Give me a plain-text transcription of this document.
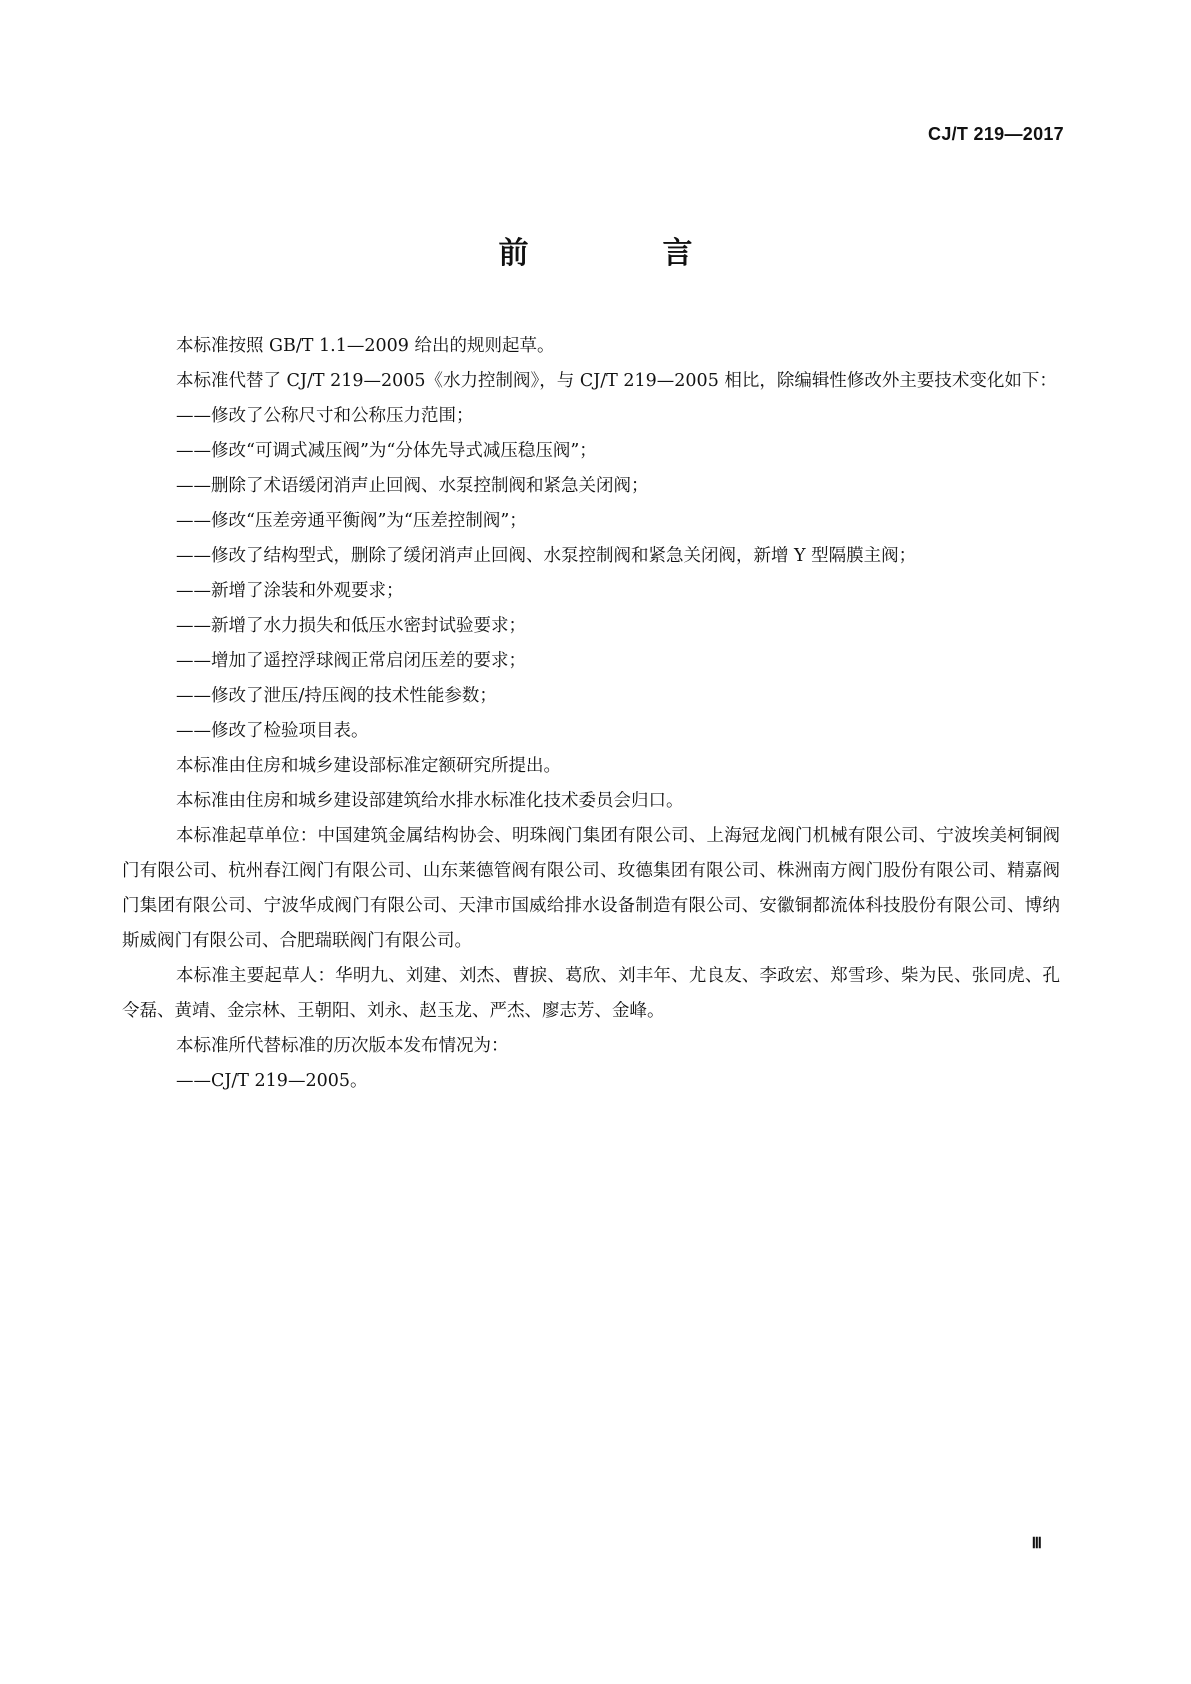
CJ/T 219—2017
前　言

本标准按照 GB/T 1.1—2009 给出的规则起草。

本标准代替了 CJ/T 219—2005《水力控制阀》，与 CJ/T 219—2005 相比，除编辑性修改外主要技术变化如下：

——修改了公称尺寸和公称压力范围；

——修改“可调式减压阀”为“分体先导式减压稳压阀”；

——删除了术语缓闭消声止回阀、水泵控制阀和紧急关闭阀；

——修改“压差旁通平衡阀”为“压差控制阀”；

——修改了结构型式，删除了缓闭消声止回阀、水泵控制阀和紧急关闭阀，新增 Y 型隔膜主阀；

——新增了涂装和外观要求；

——新增了水力损失和低压水密封试验要求；

——增加了遥控浮球阀正常启闭压差的要求；

——修改了泄压/持压阀的技术性能参数；

——修改了检验项目表。

本标准由住房和城乡建设部标准定额研究所提出。

本标准由住房和城乡建设部建筑给水排水标准化技术委员会归口。

本标准起草单位：中国建筑金属结构协会、明珠阀门集团有限公司、上海冠龙阀门机械有限公司、宁波埃美柯铜阀门有限公司、杭州春江阀门有限公司、山东莱德管阀有限公司、玫德集团有限公司、株洲南方阀门股份有限公司、精嘉阀门集团有限公司、宁波华成阀门有限公司、天津市国威给排水设备制造有限公司、安徽铜都流体科技股份有限公司、博纳斯威阀门有限公司、合肥瑞联阀门有限公司。

本标准主要起草人：华明九、刘建、刘杰、曹捩、葛欣、刘丰年、尤良友、李政宏、郑雪珍、柴为民、张同虎、孔令磊、黄靖、金宗林、王朝阳、刘永、赵玉龙、严杰、廖志芳、金峰。

本标准所代替标准的历次版本发布情况为：

——CJ/T 219—2005。

Ⅲ
